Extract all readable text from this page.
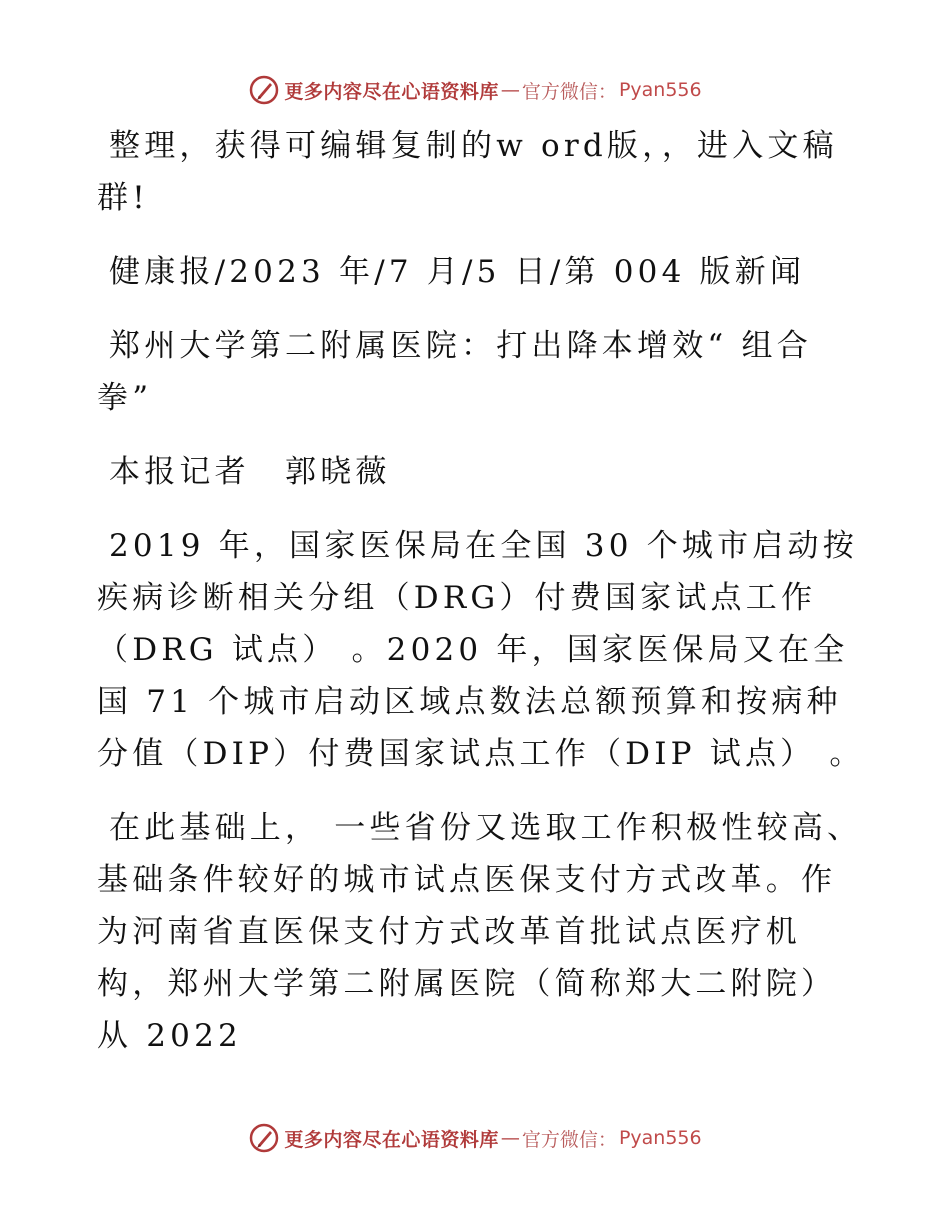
更多内容尽在心语资料库 — 官方微信： Pyan556

整理，获得可编辑复制的w ord版，，进入文稿群!

健康报/2023 年/7 月/5 日/第 004 版新闻

郑州大学第二附属医院：打出降本增效“ 组合拳”

本报记者　郭晓薇

2019 年，国家医保局在全国 30 个城市启动按疾病诊断相关分组（DRG）付费国家试点工作（DRG 试点） 。2020 年，国家医保局又在全国 71 个城市启动区域点数法总额预算和按病种分值（DIP）付费国家试点工作（DIP 试点） 。

在此基础上， 一些省份又选取工作积极性较高、基础条件较好的城市试点医保支付方式改革。作为河南省直医保支付方式改革首批试点医疗机构，郑州大学第二附属医院（简称郑大二附院）从 2022

更多内容尽在心语资料库 — 官方微信： Pyan556
